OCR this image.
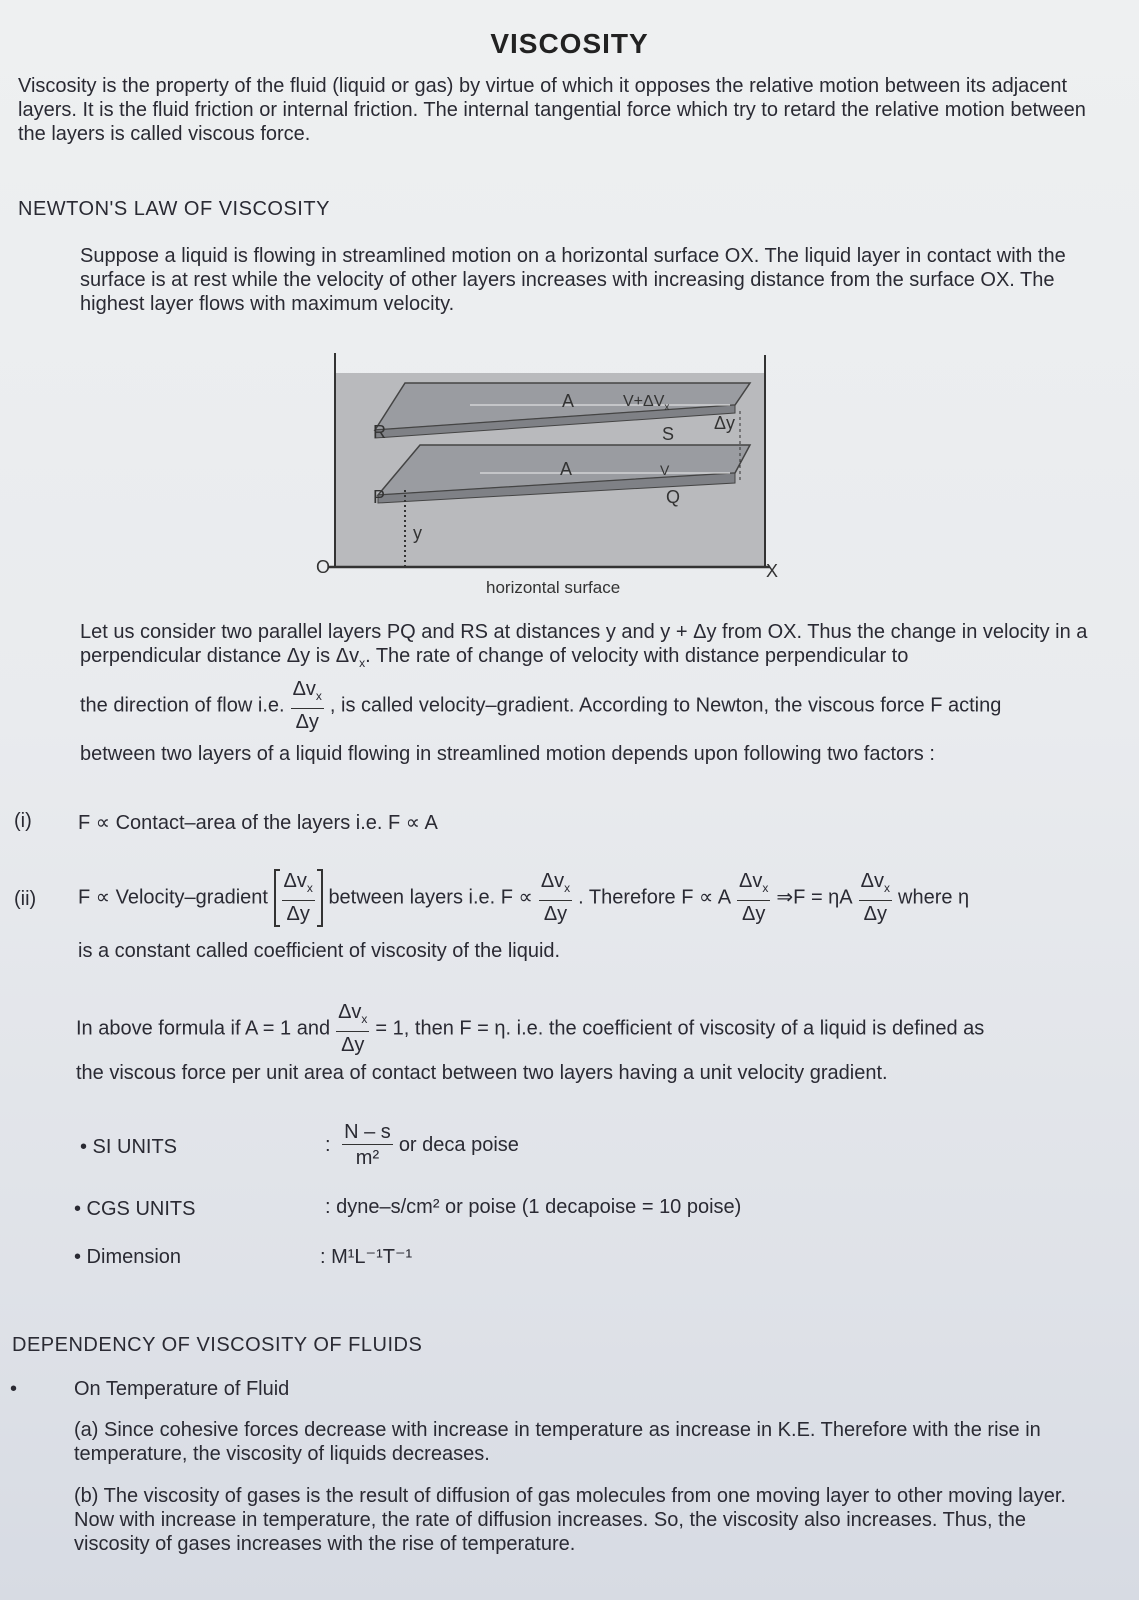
VISCOSITY
Viscosity is the property of the fluid (liquid or gas) by virtue of which it opposes the relative motion between its adjacent layers. It is the fluid friction or internal friction. The internal tangential force which try to retard the relative motion between the layers is called viscous force.
NEWTON'S LAW OF VISCOSITY
Suppose a liquid is flowing in streamlined motion on a horizontal surface OX. The liquid layer in contact with the surface is at rest while the velocity of other layers increases with increasing distance from the surface OX. The highest layer flows with maximum velocity.
A	$V+\Delta V_x$
R	S
Δy
A	V
P	Q
y
O	X
horizontal surface
Let us consider two parallel layers PQ and RS at distances y and y + Δy from OX. Thus the change in velocity in a perpendicular distance Δy is $\Delta v_x$. The rate of change of velocity with distance perpendicular to
the direction of flow i.e. $\frac{\Delta v_x}{\Delta y}$ , is called velocity–gradient. According to Newton, the viscous force F acting
between two layers of a liquid flowing in streamlined motion depends upon following two factors :
(i) F ∝ Contact–area of the layers i.e. F ∝ A
(ii) F ∝ Velocity–gradient $\frac{\Delta v_x}{\Delta y}$ between layers i.e. $F \propto \frac{\Delta v_x}{\Delta y}$ . Therefore F ∝ A $\frac{\Delta v_x}{\Delta y}$ ⇒F = ηA $\frac{\Delta v_x}{\Delta y}$ where η
is a constant called coefficient of viscosity of the liquid.
In above formula if A = 1 and $\frac{\Delta v_x}{\Delta y} = 1$, then F = η. i.e. the coefficient of viscosity of a liquid is defined as
the viscous force per unit area of contact between two layers having a unit velocity gradient.
• SI UNITS	: $\frac{N - s}{\text{m²}}$ or deca poise
• CGS UNITS	: dyne–s/cm² or poise (1 decapoise = 10 poise)
• Dimension	: M¹L⁻¹T⁻¹
DEPENDENCY OF VISCOSITY OF FLUIDS
•	On Temperature of Fluid
(a) Since cohesive forces decrease with increase in temperature as increase in K.E. Therefore with the rise in temperature, the viscosity of liquids decreases.
(b) The viscosity of gases is the result of diffusion of gas molecules from one moving layer to other moving layer. Now with increase in temperature, the rate of diffusion increases. So, the viscosity also increases. Thus, the viscosity of gases increases with the rise of temperature.
